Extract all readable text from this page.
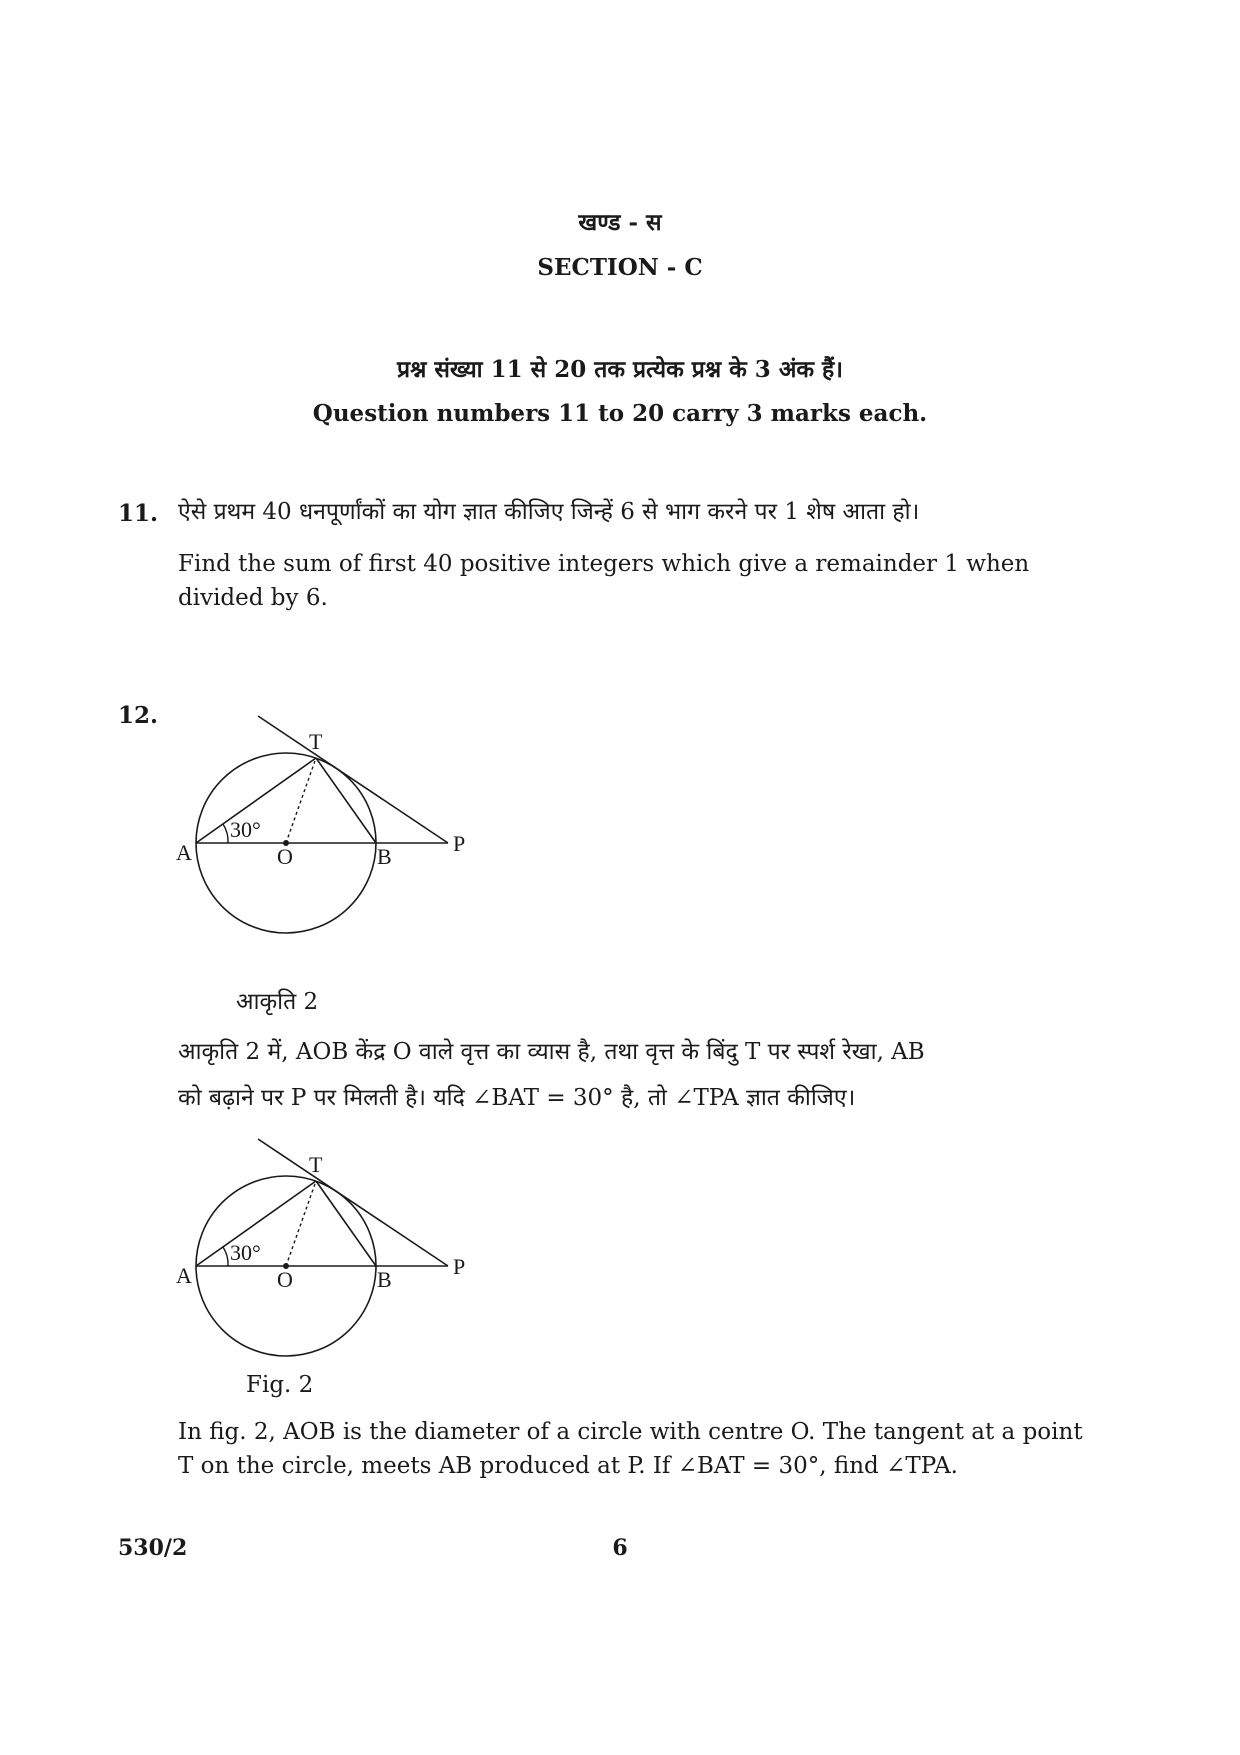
खण्ड - स
SECTION - C
प्रश्न संख्या 11 से 20 तक प्रत्येक प्रश्न के 3 अंक हैं।
Question numbers 11 to 20 carry 3 marks each.
11. ऐसे प्रथम 40 धनपूर्णांकों का योग ज्ञात कीजिए जिन्हें 6 से भाग करने पर 1 शेष आता हो।
Find the sum of first 40 positive integers which give a remainder 1 when
divided by 6.
12.
T
A	O	B
P
30°
आकृति 2
आकृति 2 में, AOB केंद्र O वाले वृत्त का व्यास है, तथा वृत्त के बिंदु T पर स्पर्श रेखा, AB
को बढ़ाने पर P पर मिलती है। यदि ∠BAT = 30° है, तो ∠TPA ज्ञात कीजिए।
T
A	O	B
P
30°
Fig. 2
In fig. 2, AOB is the diameter of a circle with centre O. The tangent at a point
T on the circle, meets AB produced at P. If ∠BAT = 30°, find ∠TPA.
530/2	6
